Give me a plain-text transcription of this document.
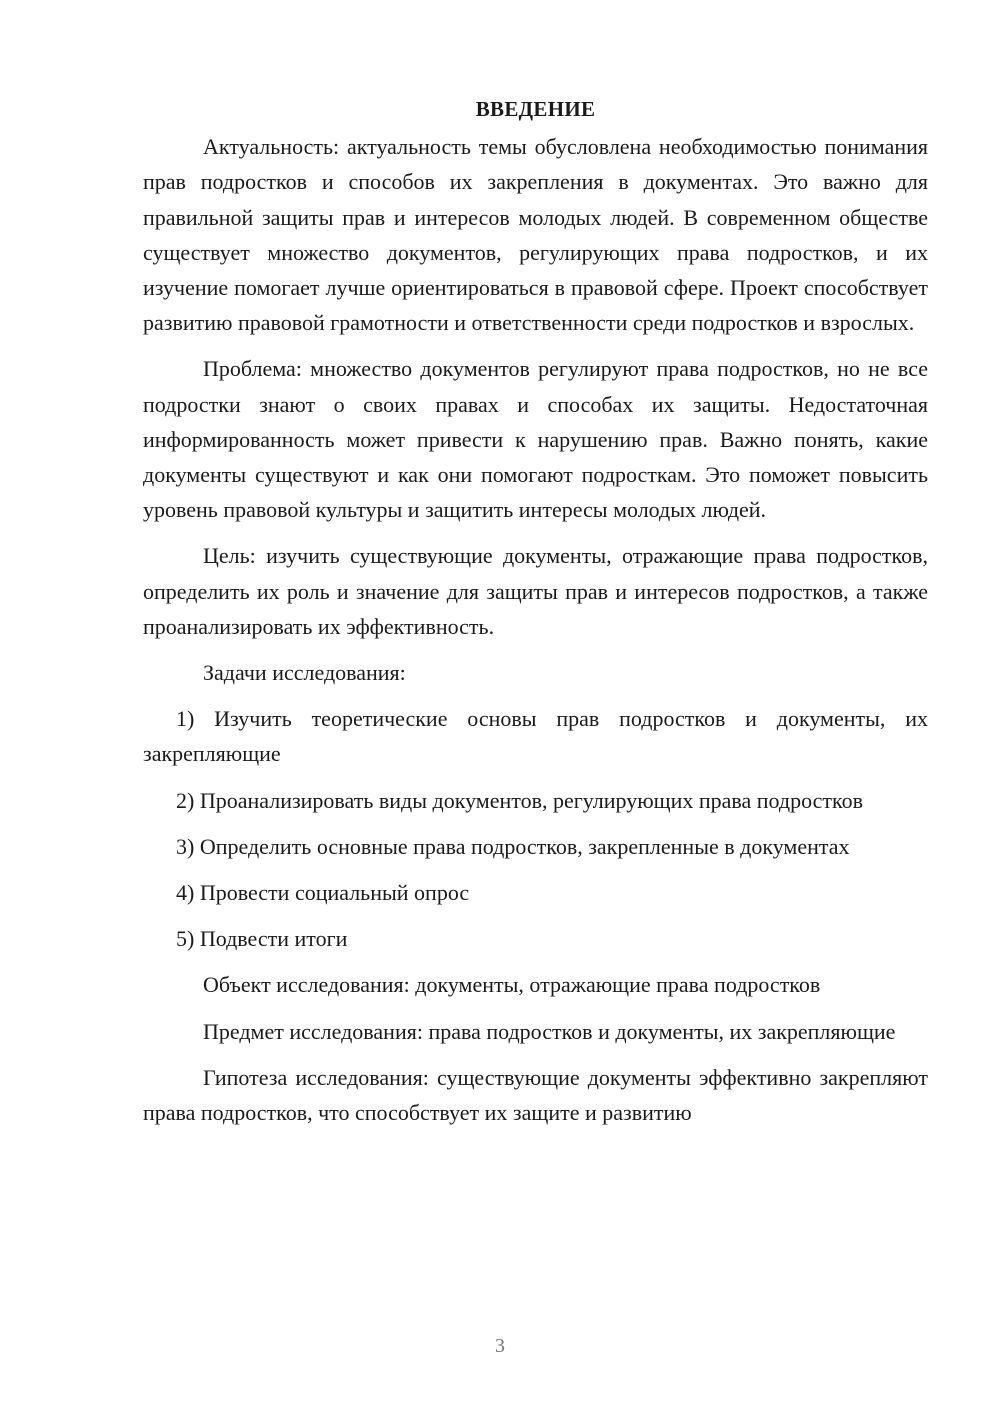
ВВЕДЕНИЕ

Актуальность: актуальность темы обусловлена необходимостью понимания прав подростков и способов их закрепления в документах. Это важно для правильной защиты прав и интересов молодых людей. В современном обществе существует множество документов, регулирующих права подростков, и их изучение помогает лучше ориентироваться в правовой сфере. Проект способствует развитию правовой грамотности и ответственности среди подростков и взрослых.

Проблема: множество документов регулируют права подростков, но не все подростки знают о своих правах и способах их защиты. Недостаточная информированность может привести к нарушению прав. Важно понять, какие документы существуют и как они помогают подросткам. Это поможет повысить уровень правовой культуры и защитить интересы молодых людей.

Цель: изучить существующие документы, отражающие права подростков, определить их роль и значение для защиты прав и интересов подростков, а также проанализировать их эффективность.

Задачи исследования:

1) Изучить теоретические основы прав подростков и документы, их закрепляющие

2) Проанализировать виды документов, регулирующих права подростков

3) Определить основные права подростков, закрепленные в документах

4) Провести социальный опрос

5) Подвести итоги

Объект исследования: документы, отражающие права подростков

Предмет исследования: права подростков и документы, их закрепляющие

Гипотеза исследования: существующие документы эффективно закрепляют права подростков, что способствует их защите и развитию

3
